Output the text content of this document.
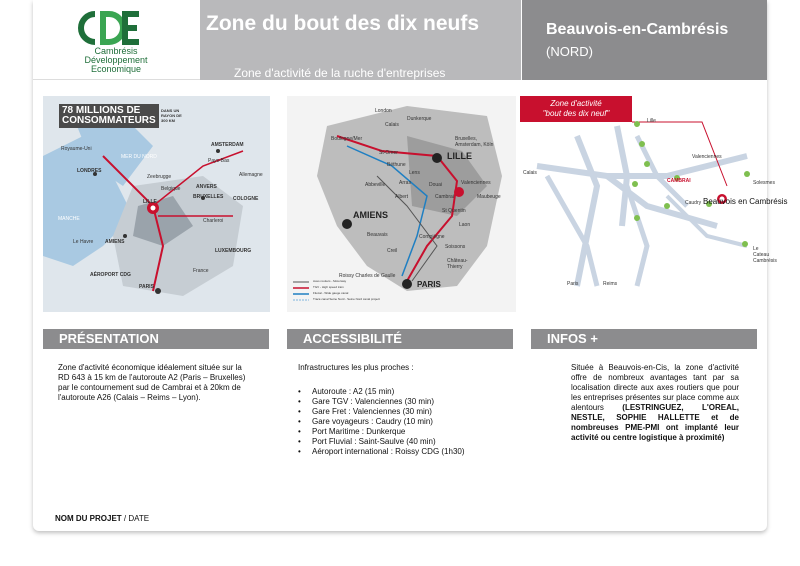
Cambrésis
Développement
Economique
Zone du bout des dix neufs
Zone d'activité de la ruche d'entreprises
Beauvois-en-Cambrésis
(NORD)
78 MILLIONS DE
CONSOMMATEURS
DANS UN RAYON DE 300 KM
Royaume-Uni
MER DU NORD
AMSTERDAM
LONDRES
Zeebrugge
Pays-Bas
Allemagne
Belgique	ANVERS
BRUXELLES COLOGNE
LILLE
Charleroi
MANCHE
Le Havre AMIENS
LUXEMBOURG
AÉROPORT CDG
PARIS
France
London
Dunkerque
Calais
Boulogne/Mer	Bruxelles, Amsterdam, Köln
St-Omer	LILLE
Béthune
Lens
Valenciennes
Arras	Douai
Abbeville
Cambrai	Maubeuge
Albert
St Quentin
AMIENS
Laon
Beauvais	Compiègne
Soissons
Creil
Château-Thierry
Roissy Charles de Gaulle
PARIS
Axes routiers - Motorway
TGV - High speed train
Fluvial - Wide gauge canal
Tracé canal Seine Nord - Seine Nord canal project
Zone d'activité
"bout des dix neuf"
Beauvois en Cambrésis
Lille
Valenciennes
Calais
CAMBRAI
Caudry
Solesmes
Le Cateau Cambrésis
Paris	Reims
PRÉSENTATION	ACCESSIBILITÉ	INFOS +
Zone d'activité économique idéalement située sur la RD 643 à 15 km de l'autoroute A2 (Paris – Bruxelles) par le contournement sud de Cambrai et à 20km de l'autoroute A26 (Calais – Reims – Lyon).
Infrastructures les plus proches :
• Autoroute : A2 (15 min)
• Gare TGV : Valenciennes (30 min)
• Gare Fret : Valenciennes (30 min)
• Gare voyageurs : Caudry (10 min)
• Port Maritime : Dunkerque
• Port Fluvial : Saint-Saulve (40 min)
• Aéroport international : Roissy CDG (1h30)
Située à Beauvois-en-Cis, la zone d'activité offre de nombreux avantages tant par sa localisation directe aux axes routiers que pour les entreprises présentes sur place comme aux alentours (LESTRINGUEZ, L'OREAL, NESTLE, SOPHIE HALLETTE et de nombreuses PME-PMI ont implanté leur activité ou centre logistique à proximité)
NOM DU PROJET / DATE
